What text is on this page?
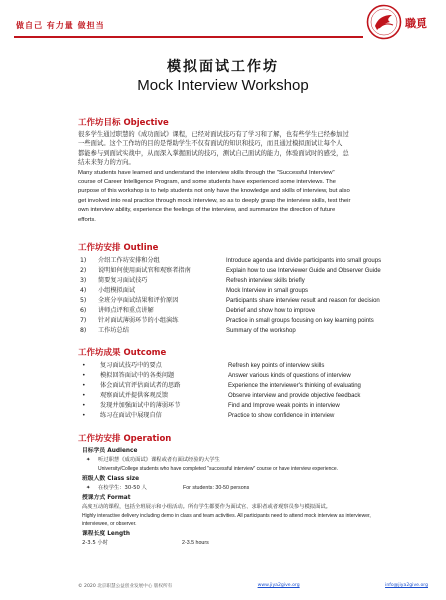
做自己 有力量 做担当	職覓
模拟面试工作坊
Mock Interview Workshop
工作坊目标 Objective
很多学生通过职慧的《成功面试》课程，已经对面试技巧有了学习和了解，也有些学生已经参加过
一些面试。这个工作坊的目的是帮助学生不仅有面试的知识和技巧，而且通过模拟面试让每个人
都能参与到面试实战中，从而深入掌握面试的技巧，测试自己面试的能力，体验面试时的感受，总
结未来努力的方向。
Many students have learned and understand the interview skills through the "Successful Interview"
course of Career Intelligence Program, and some students have experienced some interviews. The
purpose of this workshop is to help students not only have the knowledge and skills of interview, but also
get involved into real practice through mock interview, so as to deeply grasp the interview skills, test their
own interview ability, experience the feelings of the interview, and summarize the direction of future
efforts.
工作坊安排 Outline
1)	介绍工作坊安排和分组	Introduce agenda and divide participants into small groups
2)	说明如何使用面试官和观察者指南	Explain how to use Interviewer Guide and Observer Guide
3)	简要复习面试技巧	Refresh interview skills briefly
4)	小组模拟面试	Mock Interview in small groups
5)	全班分享面试结果和评价原因	Participants share interview result and reason for decision
6)	讲师点评和重点讲解	Debrief and show how to improve
7)	针对面试薄弱环节的小组演练	Practice in small groups focusing on key learning points
8)	工作坊总结	Summary of the workshop
工作坊成果 Outcome
•	复习面试技巧中的要点	Refresh key points of interview skills
•	模拟回答面试中的各类问题	Answer various kinds of questions of interview
•	体会面试官评估面试者的思路	Experience the interviewer's thinking of evaluating
•	观察面试并提供客观反馈	Observe interview and provide objective feedback
•	发现并加强面试中的薄弱环节	Find and Improve weak points in interview
•	练习在面试中展现自信	Practice to show confidence in interview
工作坊安排 Operation
目标学员 Audience
✦ 听过职慧《成功面试》课程或者有面试经验的大学生
University/College students who have completed "successful interview" course or have interview experience.
班级人数 Class size
✦ 在校学生：30-50 人	For students: 30-50 persons
授课方式 Format
高度互动的课程，包括全班展示和小组活动。所有学生都要作为面试官、求职者或者观察员参与模拟面试。
Highly interactive delivery including demo in class and team activities. All participants need to attend mock interview as interviewer,
interviewee, or observer.
课程长度 Length
2-3.5 小时	2-3.5 hours
© 2020 北京职慧公益创业发展中心 版权所有	www.jiya2give.org	info@jiya2give.org
